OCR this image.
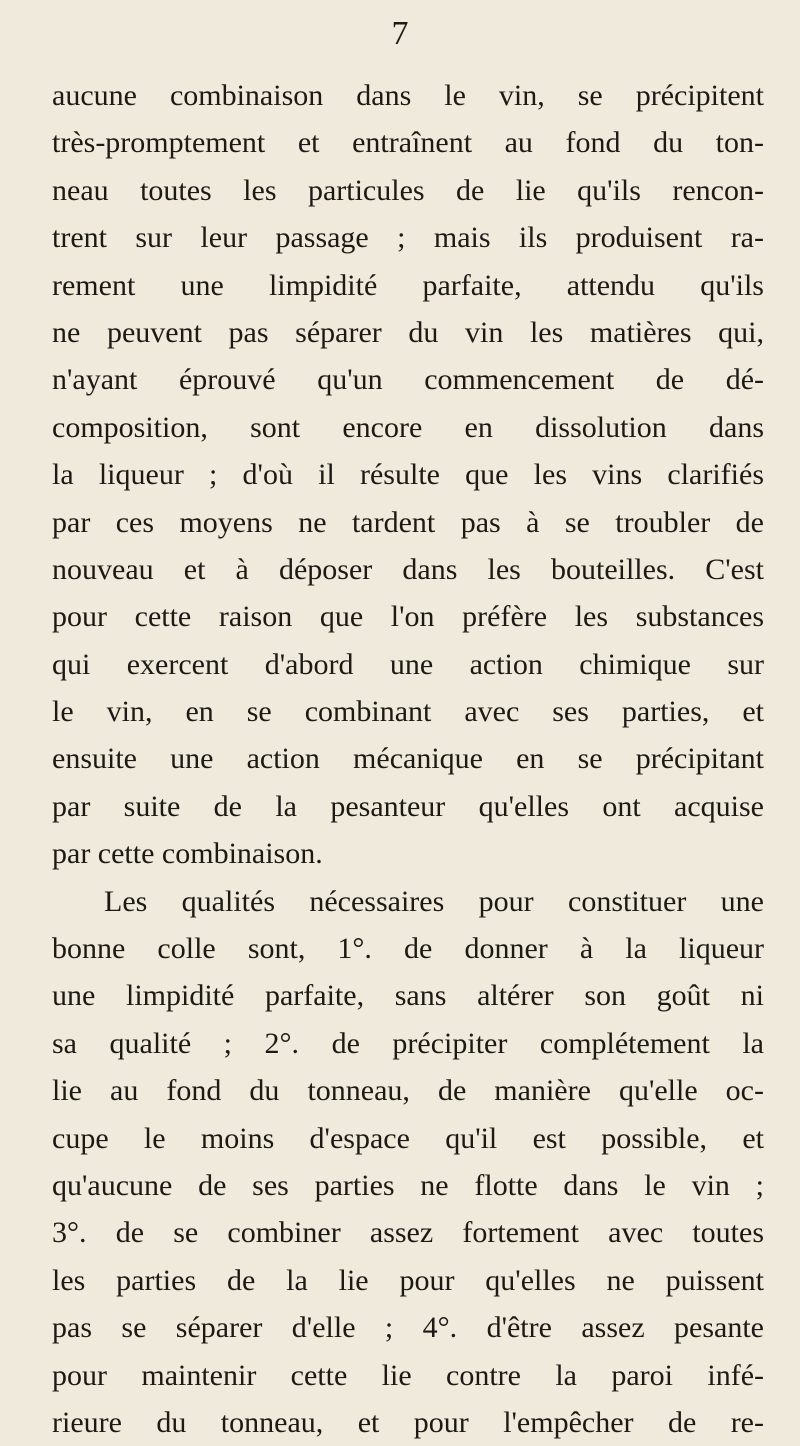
7
aucune combinaison dans le vin, se précipitent
très-promptement et entraînent au fond du ton-
neau toutes les particules de lie qu'ils rencon-
trent sur leur passage ; mais ils produisent ra-
rement une limpidité parfaite, attendu qu'ils
ne peuvent pas séparer du vin les matières qui,
n'ayant éprouvé qu'un commencement de dé-
composition, sont encore en dissolution dans
la liqueur ; d'où il résulte que les vins clarifiés
par ces moyens ne tardent pas à se troubler de
nouveau et à déposer dans les bouteilles. C'est
pour cette raison que l'on préfère les substances
qui exercent d'abord une action chimique sur
le vin, en se combinant avec ses parties, et
ensuite une action mécanique en se précipitant
par suite de la pesanteur qu'elles ont acquise
par cette combinaison.
Les qualités nécessaires pour constituer une
bonne colle sont, 1°. de donner à la liqueur
une limpidité parfaite, sans altérer son goût ni
sa qualité ; 2°. de précipiter complétement la
lie au fond du tonneau, de manière qu'elle oc-
cupe le moins d'espace qu'il est possible, et
qu'aucune de ses parties ne flotte dans le vin ;
3°. de se combiner assez fortement avec toutes
les parties de la lie pour qu'elles ne puissent
pas se séparer d'elle ; 4°. d'être assez pesante
pour maintenir cette lie contre la paroi infé-
rieure du tonneau, et pour l'empêcher de re-
